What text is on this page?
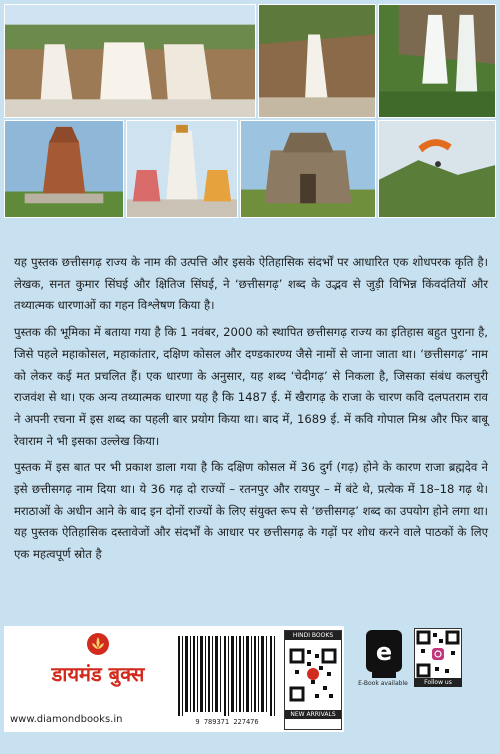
यह पुस्तक छत्तीसगढ़ राज्य के नाम की उत्पत्ति और इसके ऐतिहासिक संदर्भों पर आधारित एक शोधपरक कृति है। लेखक, सनत कुमार सिंघई और क्षितिज सिंघई, ने ‘छत्तीसगढ़’ शब्द के उद्भव से जुड़ी विभिन्न किंवदंतियों और तथ्यात्मक धारणाओं का गहन विश्लेषण किया है।

पुस्तक की भूमिका में बताया गया है कि 1 नवंबर, 2000 को स्थापित छत्तीसगढ़ राज्य का इतिहास बहुत पुराना है, जिसे पहले महाकोसल, महाकांतार, दक्षिण कोसल और दण्डकारण्य जैसे नामों से जाना जाता था। ‘छत्तीसगढ़’ नाम को लेकर कई मत प्रचलित हैं। एक धारणा के अनुसार, यह शब्द ‘चेदीगढ़’ से निकला है, जिसका संबंध कलचुरी राजवंश से था। एक अन्य तथ्यात्मक धारणा यह है कि 1487 ई. में खैरागढ़ के राजा के चारण कवि दलपतराम राव ने अपनी रचना में इस शब्द का पहली बार प्रयोग किया था। बाद में, 1689 ई. में कवि गोपाल मिश्र और फिर बाबू रेवाराम ने भी इसका उल्लेख किया।

पुस्तक में इस बात पर भी प्रकाश डाला गया है कि दक्षिण कोसल में 36 दुर्ग (गढ़) होने के कारण राजा ब्रह्मदेव ने इसे छत्तीसगढ़ नाम दिया था। ये 36 गढ़ दो राज्यों – रतनपुर और रायपुर – में बंटे थे, प्रत्येक में 18–18 गढ़ थे। मराठाओं के अधीन आने के बाद इन दोनों राज्यों के लिए संयुक्त रूप से ‘छत्तीसगढ़’ शब्द का उपयोग होने लगा था। यह पुस्तक ऐतिहासिक दस्तावेजों और संदर्भों के आधार पर छत्तीसगढ़ के गढ़ों पर शोध करने वाले पाठकों के लिए एक महत्वपूर्ण स्रोत है

डायमंड बुक्स
www.diamondbooks.in	9 789371 227476
HINDI BOOKS
NEW ARRIVALS
e
E-Book available	Follow us
